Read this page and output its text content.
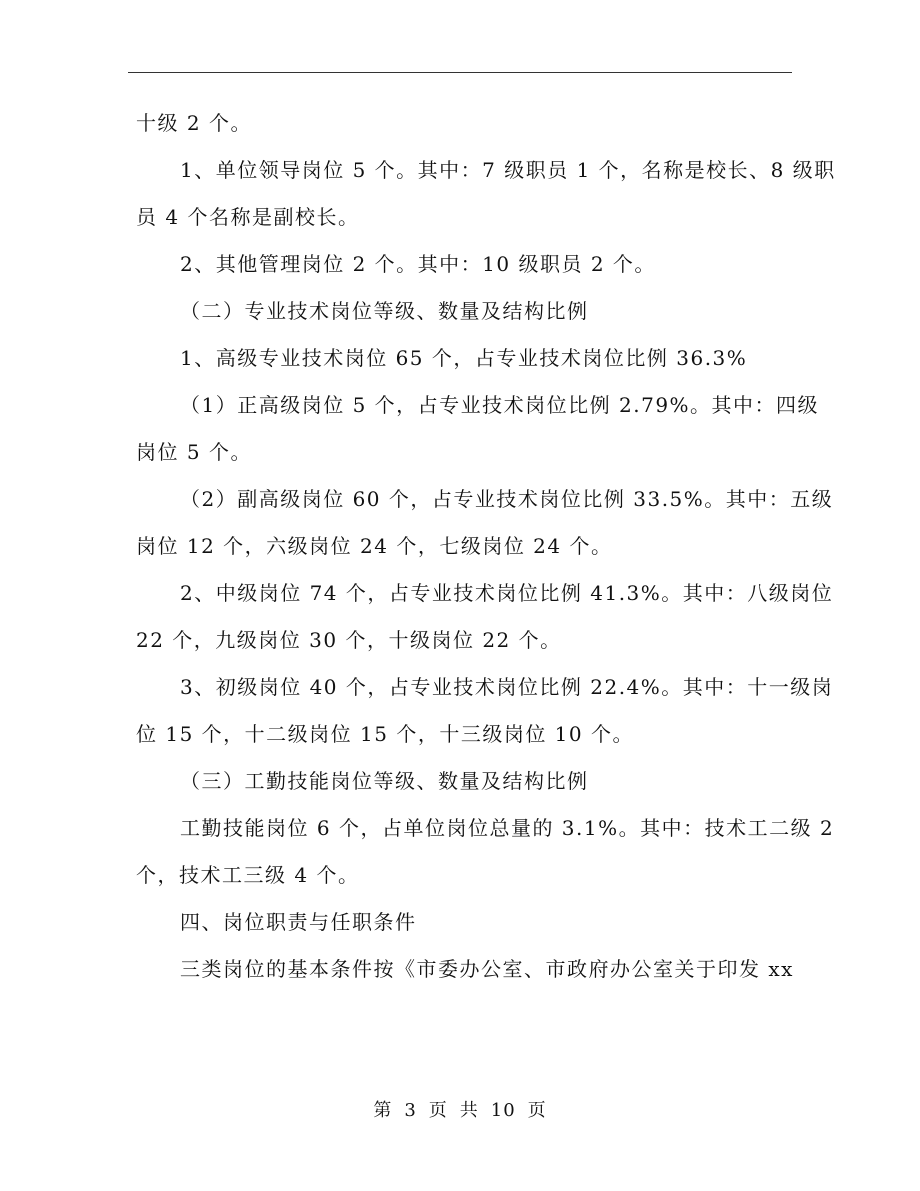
十级 2 个。

1、单位领导岗位 5 个。其中：7 级职员 1 个，名称是校长、8 级职

员 4 个名称是副校长。

2、其他管理岗位 2 个。其中：10 级职员 2 个。

（二）专业技术岗位等级、数量及结构比例

1、高级专业技术岗位 65 个，占专业技术岗位比例 36.3%

（1）正高级岗位 5 个，占专业技术岗位比例 2.79%。其中：四级

岗位 5 个。

（2）副高级岗位 60 个，占专业技术岗位比例 33.5%。其中：五级

岗位 12 个，六级岗位 24 个，七级岗位 24 个。

2、中级岗位 74 个，占专业技术岗位比例 41.3%。其中：八级岗位

22 个，九级岗位 30 个，十级岗位 22 个。

3、初级岗位 40 个，占专业技术岗位比例 22.4%。其中：十一级岗

位 15 个，十二级岗位 15 个，十三级岗位 10 个。

（三）工勤技能岗位等级、数量及结构比例

工勤技能岗位 6 个，占单位岗位总量的 3.1%。其中：技术工二级 2

个，技术工三级 4 个。

四、岗位职责与任职条件

三类岗位的基本条件按《市委办公室、市政府办公室关于印发 xx

第 3 页 共 10 页
